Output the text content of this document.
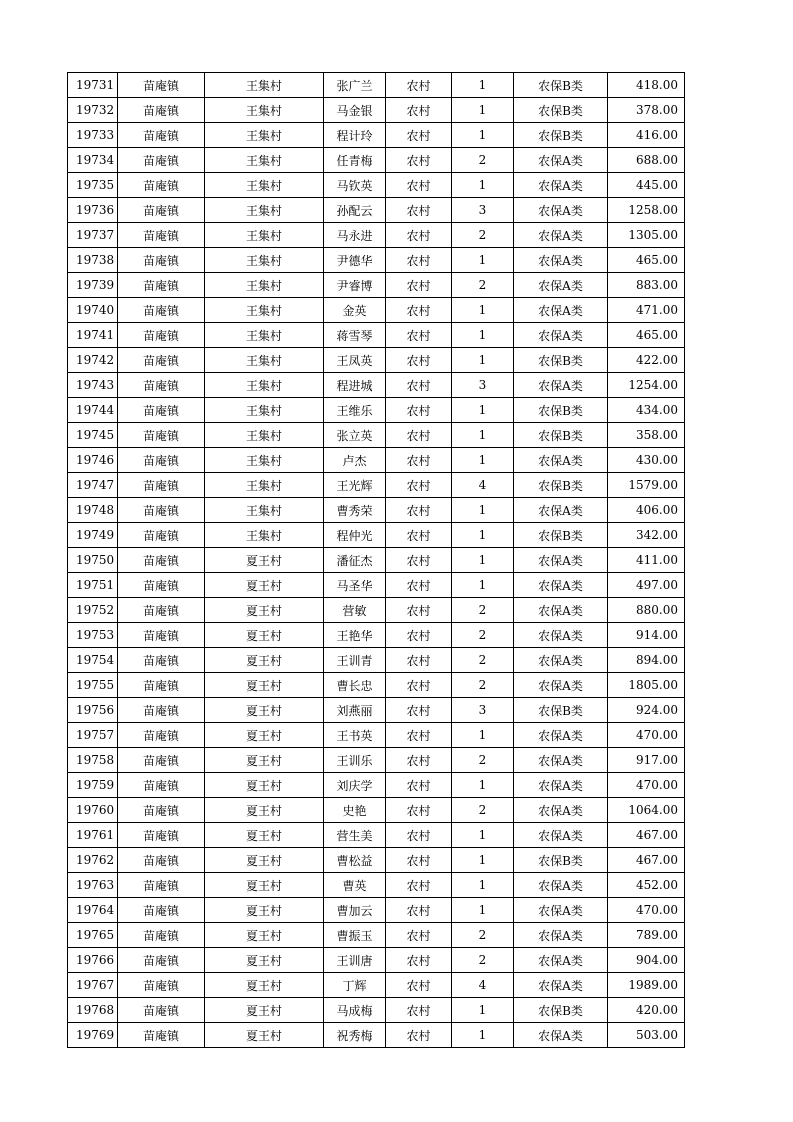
19731	苗庵镇	王集村	张广兰	农村	1	农保B类	418.00
19732	苗庵镇	王集村	马金银	农村	1	农保B类	378.00
19733	苗庵镇	王集村	程计玲	农村	1	农保B类	416.00
19734	苗庵镇	王集村	任青梅	农村	2	农保A类	688.00
19735	苗庵镇	王集村	马钦英	农村	1	农保A类	445.00
19736	苗庵镇	王集村	孙配云	农村	3	农保A类	1258.00
19737	苗庵镇	王集村	马永进	农村	2	农保A类	1305.00
19738	苗庵镇	王集村	尹德华	农村	1	农保A类	465.00
19739	苗庵镇	王集村	尹睿博	农村	2	农保A类	883.00
19740	苗庵镇	王集村	金英	农村	1	农保A类	471.00
19741	苗庵镇	王集村	蒋雪琴	农村	1	农保A类	465.00
19742	苗庵镇	王集村	王凤英	农村	1	农保B类	422.00
19743	苗庵镇	王集村	程进城	农村	3	农保A类	1254.00
19744	苗庵镇	王集村	王维乐	农村	1	农保B类	434.00
19745	苗庵镇	王集村	张立英	农村	1	农保B类	358.00
19746	苗庵镇	王集村	卢杰	农村	1	农保A类	430.00
19747	苗庵镇	王集村	王光辉	农村	4	农保B类	1579.00
19748	苗庵镇	王集村	曹秀荣	农村	1	农保A类	406.00
19749	苗庵镇	王集村	程仲光	农村	1	农保B类	342.00
19750	苗庵镇	夏王村	潘征杰	农村	1	农保A类	411.00
19751	苗庵镇	夏王村	马圣华	农村	1	农保A类	497.00
19752	苗庵镇	夏王村	营敏	农村	2	农保A类	880.00
19753	苗庵镇	夏王村	王艳华	农村	2	农保A类	914.00
19754	苗庵镇	夏王村	王训青	农村	2	农保A类	894.00
19755	苗庵镇	夏王村	曹长忠	农村	2	农保A类	1805.00
19756	苗庵镇	夏王村	刘燕丽	农村	3	农保B类	924.00
19757	苗庵镇	夏王村	王书英	农村	1	农保A类	470.00
19758	苗庵镇	夏王村	王训乐	农村	2	农保A类	917.00
19759	苗庵镇	夏王村	刘庆学	农村	1	农保A类	470.00
19760	苗庵镇	夏王村	史艳	农村	2	农保A类	1064.00
19761	苗庵镇	夏王村	营生美	农村	1	农保A类	467.00
19762	苗庵镇	夏王村	曹松益	农村	1	农保B类	467.00
19763	苗庵镇	夏王村	曹英	农村	1	农保A类	452.00
19764	苗庵镇	夏王村	曹加云	农村	1	农保A类	470.00
19765	苗庵镇	夏王村	曹振玉	农村	2	农保A类	789.00
19766	苗庵镇	夏王村	王训唐	农村	2	农保A类	904.00
19767	苗庵镇	夏王村	丁辉	农村	4	农保A类	1989.00
19768	苗庵镇	夏王村	马成梅	农村	1	农保B类	420.00
19769	苗庵镇	夏王村	祝秀梅	农村	1	农保A类	503.00
